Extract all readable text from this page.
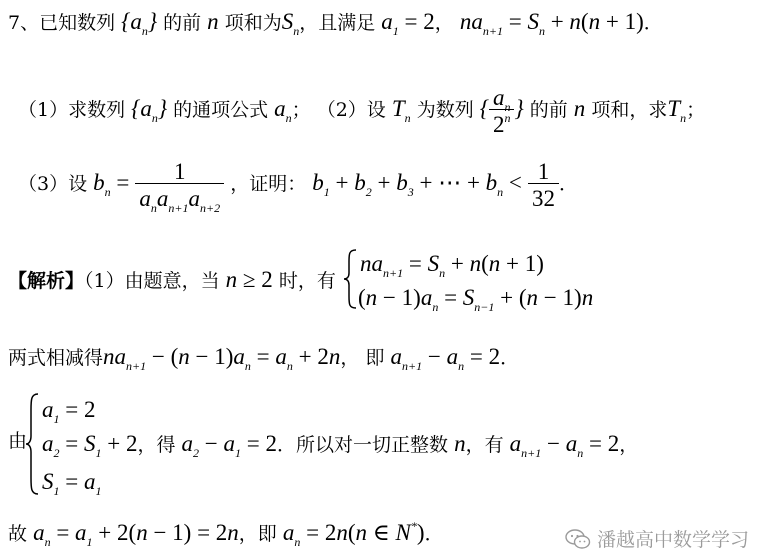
7、已知数列 $\{a_n\}$ 的前 n 项和为$S_n$，且满足 $a_1 = 2$， $na_{n+1} = S_n + n(n + 1)$．
（1）求数列 $\{a_n\}$ 的通项公式 $a_n$； （2）设 $T_n$ 为数列 { $\frac{a_n}{2^n}$ } 的前 n 项和，求$T_n$；
（3）设 $b_n = \frac{1}{a_na_{n+1}a_{n+2}}$ ，证明： $b_1 + b_2 + b_3$ + ⋯ + $b_n < \frac{1}{32}$ ．
【解析】（1）由题意，当 n ≥ 2 时，有
$na_{n+1} = S_n + n(n + 1)$
$(n - 1)a_n = S_{n-1} + (n - 1)n$
两式相减得$na_{n+1} - (n - 1)a_n = a_n + 2n$， 即 $a_{n+1} - a_n = 2$．
由
$a_1 = 2$
$a_2 = S_1 + 2$，得 $a_2 - a_1 = 2$．所以对一切正整数 n，有 $a_{n+1} - a_n = 2$，
$S_1 = a_1$
故 $a_n = a_1 + 2(n - 1) = 2n$，即 $a_n = 2n(n$ ∈ N*)．	潘越高中数学学习
